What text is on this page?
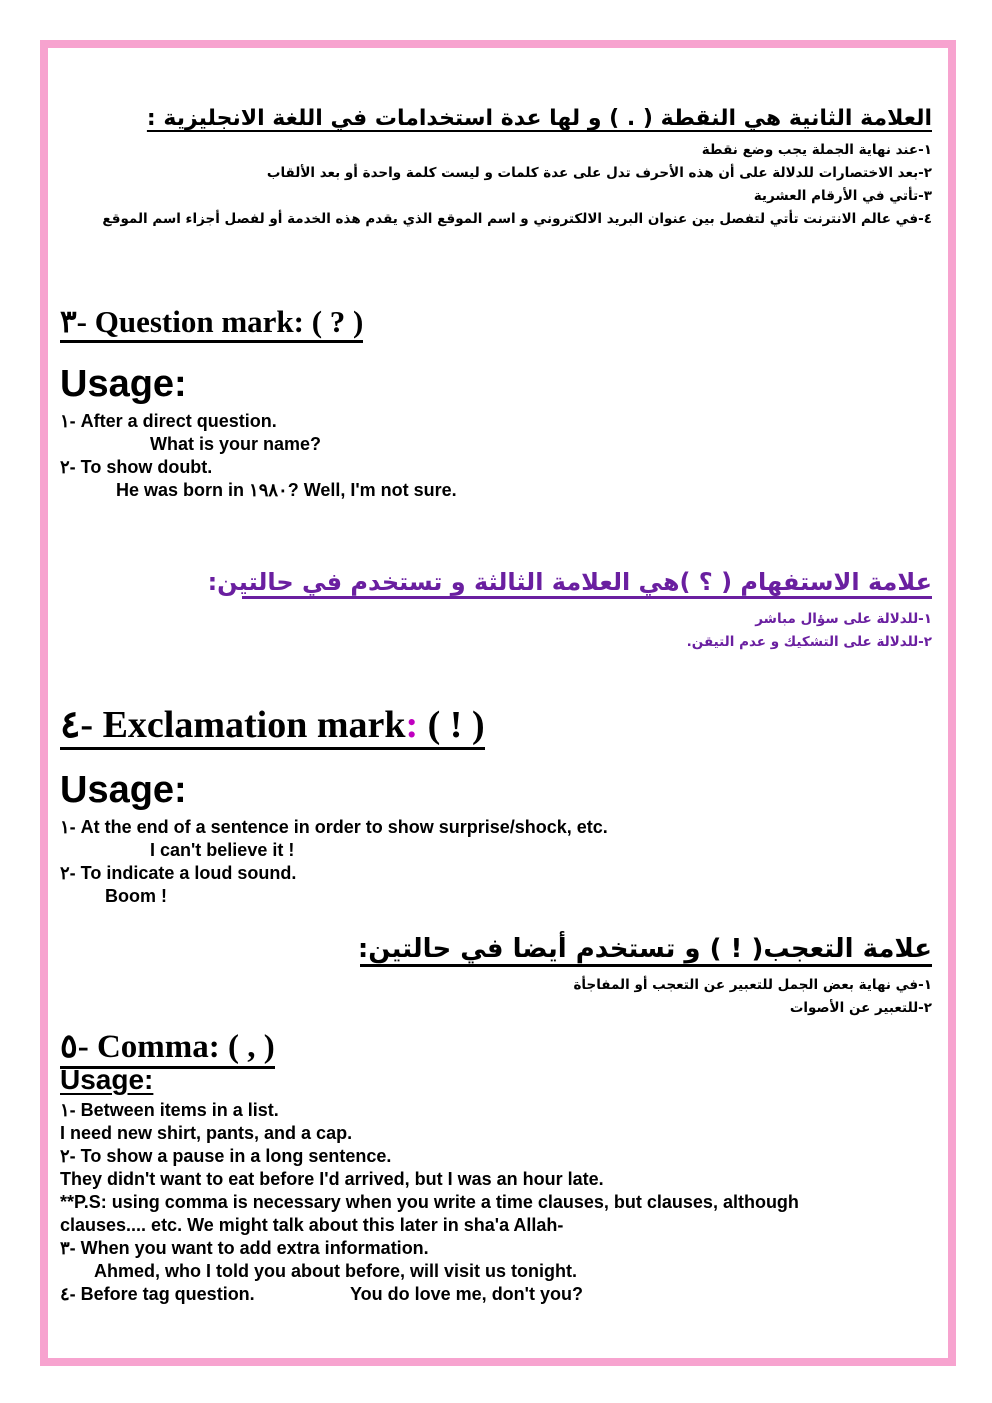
العلامة الثانية هي النقطة ( . ) و لها عدة استخدامات في اللغة الانجليزية :
١-عند نهاية الجملة يجب وضع نقطة
٢-بعد الاختصارات للدلالة على أن هذه الأحرف تدل على عدة كلمات و ليست كلمة واحدة أو بعد الألقاب
٣-تأتي في الأرقام العشرية
٤-في عالم الانترنت تأتي لتفصل بين عنوان البريد الالكتروني و اسم الموقع الذي يقدم هذه الخدمة أو لفصل أجزاء اسم الموقع
٣- Question mark: ( ? )
Usage:
١- After a direct question.
What is your name?
٢- To show doubt.
He was born in ١٩٨٠? Well, I'm not sure.
علامة الاستفهام ( ؟ )هي العلامة الثالثة و تستخدم في حالتين:
١-للدلالة على سؤال مباشر
٢-للدلالة على التشكيك و عدم التيقن.
٤- Exclamation mark: ( ! )
Usage:
١- At the end of a sentence in order to show surprise/shock, etc.
I can't believe it !
٢- To indicate a loud sound.
Boom !
علامة التعجب( ! ) و تستخدم أيضا في حالتين:
١-في نهاية بعض الجمل للتعبير عن التعجب أو المفاجأة
٢-للتعبير عن الأصوات
٥- Comma: ( , )
Usage:
١- Between items in a list.
I need new shirt, pants, and a cap.
٢- To show a pause in a long sentence.
They didn't want to eat before I'd arrived, but I was an hour late.
**P.S: using comma is necessary when you write a time clauses, but clauses, although
clauses.... etc. We might talk about this later in sha'a Allah-
٣- When you want to add extra information.
Ahmed, who I told you about before, will visit us tonight.
٤- Before tag question.	You do love me, don't you?
